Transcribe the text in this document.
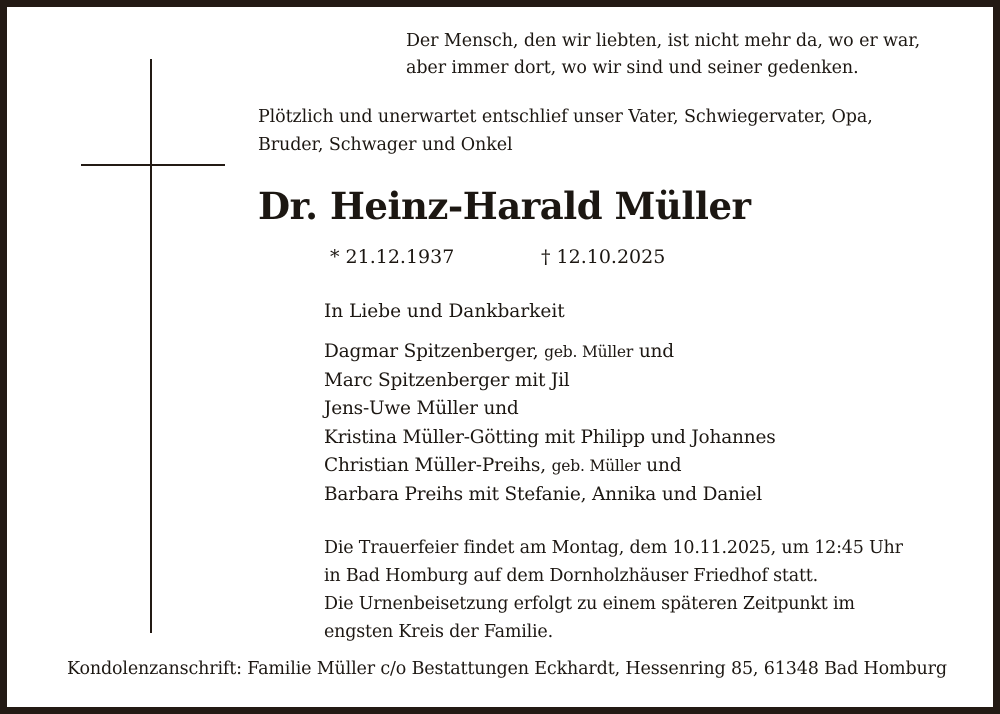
Der Mensch, den wir liebten, ist nicht mehr da, wo er war,
aber immer dort, wo wir sind und seiner gedenken.
Plötzlich und unerwartet entschlief unser Vater, Schwiegervater, Opa,
Bruder, Schwager und Onkel
Dr. Heinz-Harald Müller
* 21.12.1937	† 12.10.2025
In Liebe und Dankbarkeit
Dagmar Spitzenberger, geb. Müller und
Marc Spitzenberger mit Jil
Jens-Uwe Müller und
Kristina Müller-Götting mit Philipp und Johannes
Christian Müller-Preihs, geb. Müller und
Barbara Preihs mit Stefanie, Annika und Daniel
Die Trauerfeier findet am Montag, dem 10.11.2025, um 12:45 Uhr
in Bad Homburg auf dem Dornholzhäuser Friedhof statt.
Die Urnenbeisetzung erfolgt zu einem späteren Zeitpunkt im
engsten Kreis der Familie.
Kondolenzanschrift: Familie Müller c/o Bestattungen Eckhardt, Hessenring 85, 61348 Bad Homburg
